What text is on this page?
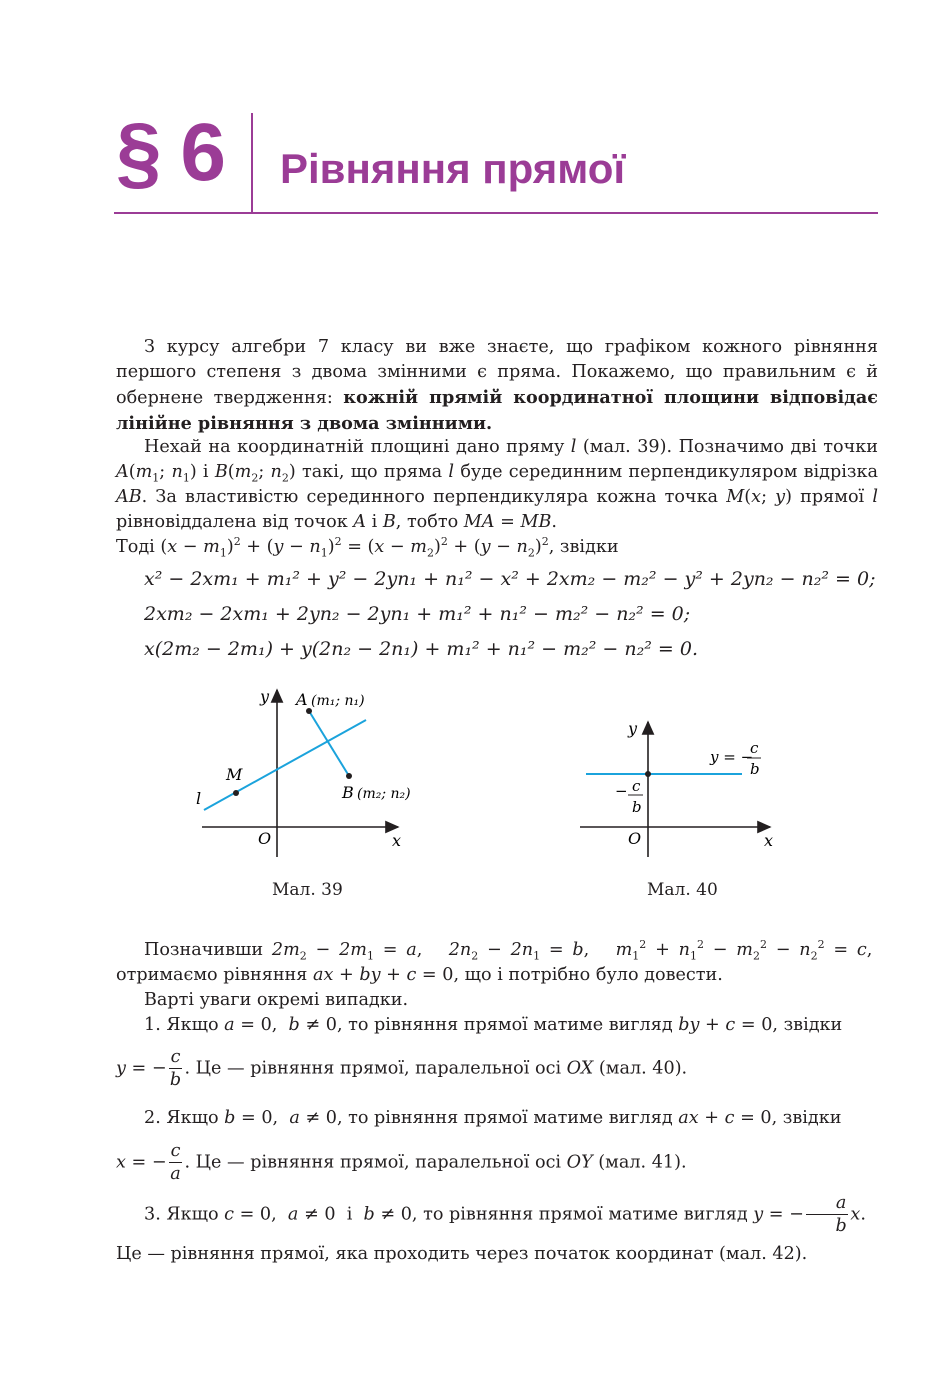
§ 6 Рівняння прямої
З курсу алгебри 7 класу ви вже знаєте, що графіком кожного рівняння першого степеня з двома змінними є пряма. Покажемо, що правильним є й обернене твердження: кожній прямій координатної площини відповідає лінійне рівняння з двома змінними.
Нехай на координатній площині дано пряму l (мал. 39). Позначимо дві точки $A(m_1$; $n_1$) і $B(m_2$; $n_2$) такі, що пряма l буде серединним перпендикуляром відрізка AB. За властивістю серединного перпендикуляра кожна точка M(x; y) прямої l рівновіддалена від точок A і B, тобто MA = MB.
Тоді $(x - m_1)^2 + (y - n_1)^2 = (x - m_2)^2 + (y - n_2)^2$, звідки
x² − 2xm₁ + m₁² + y² − 2yn₁ + n₁² − x² + 2xm₂ − m₂² − y² + 2yn₂ − n₂² = 0;
2xm₂ − 2xm₁ + 2yn₂ − 2yn₁ + m₁² + n₁² − m₂² − n₂² = 0;
x(2m₂ − 2m₁) + y(2n₂ − 2n₁) + m₁² + n₁² − m₂² − n₂² = 0.
y
x
O
A (m₁; n₁)
B (m₂; n₂)
M
l
Мал. 39
y
x
O
y = −
c
b
− c
b
Мал. 40
Позначивши $2m_2 - 2m_1 = a$,   $2n_2 - 2n_1 = b$,   $m_1^2 + n_1^2 - m_2^2 - n_2^2 = c$,  отримаємо рівняння ax + by + c = 0, що і потрібно було довести.
Варті уваги окремі випадки.
1. Якщо a = 0,  b ≠ 0, то рівняння прямої матиме вигляд by + c = 0, звідки
y = − $\frac{c}{b}$ . Це — рівняння прямої, паралельної осі OX (мал. 40).
2. Якщо b = 0,  a ≠ 0, то рівняння прямої матиме вигляд ax + c = 0, звідки
x = − $\frac{c}{a}$ . Це — рівняння прямої, паралельної осі OY (мал. 41).
3. Якщо c = 0,  a ≠ 0  і  b ≠ 0, то рівняння прямої матиме вигляд y = − $\frac{a}{b} x$.
Це — рівняння прямої, яка проходить через початок координат (мал. 42).
